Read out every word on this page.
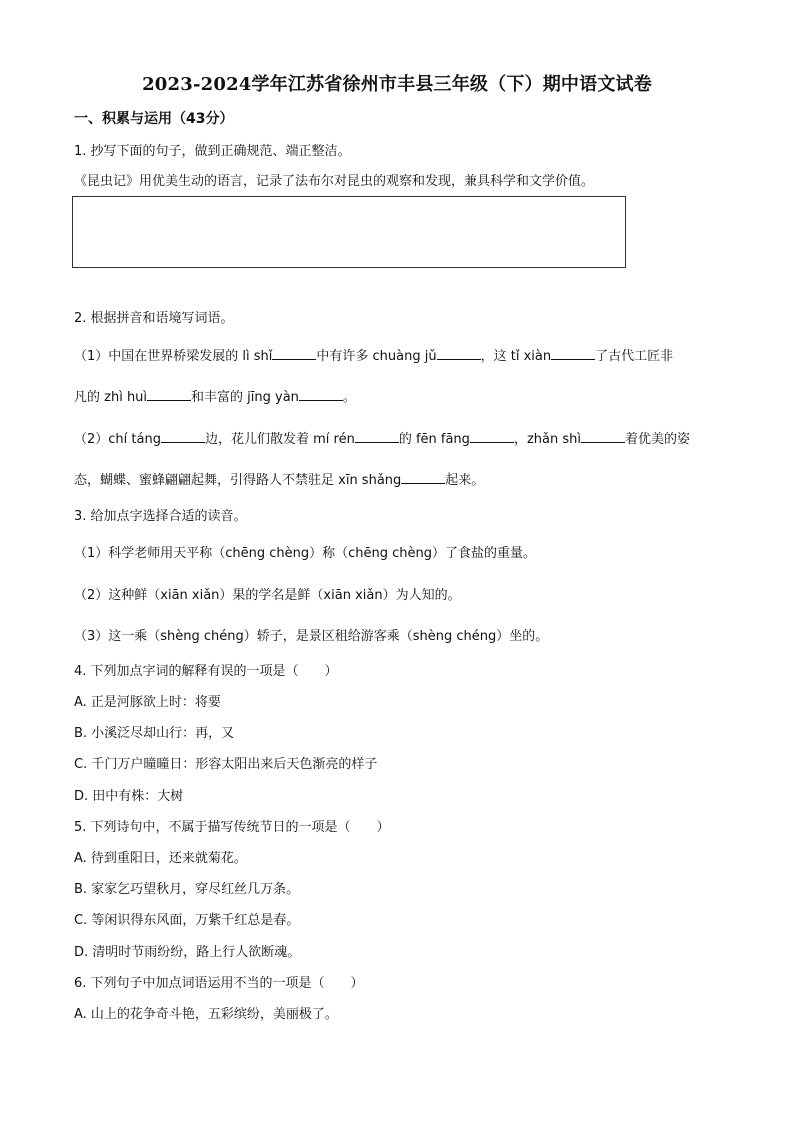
2023-2024学年江苏省徐州市丰县三年级（下）期中语文试卷
一、积累与运用（43分）
1. 抄写下面的句子，做到正确规范、端正整洁。
《昆虫记》用优美生动的语言，记录了法布尔对昆虫的观察和发现，兼具科学和文学价值。
2. 根据拼音和语境写词语。
（1）中国在世界桥梁发展的 lì shǐ	中有许多 chuàng jǔ	，这 tǐ xiàn	了古代工匠非
凡的 zhì huì	和丰富的 jīng yàn	。
（2）chí táng	边，花儿们散发着 mí rén	的 fēn fāng	，zhǎn shì	着优美的姿
态，蝴蝶、蜜蜂翩翩起舞，引得路人不禁驻足 xīn shǎng	起来。
3. 给加点字选择合适的读音。
（1）科学老师用天平称（chēng chèng）称（chēng chèng）了食盐的重量。
（2）这种鲜（xiān xiǎn）果的学名是鲜（xiān xiǎn）为人知的。
（3）这一乘（shèng chéng）轿子，是景区租给游客乘（shèng chéng）坐的。
4. 下列加点字词的解释有误的一项是（　　）
A. 正是河豚欲上时：将要
B. 小溪泛尽却山行：再，又
C. 千门万户曈曈日：形容太阳出来后天色渐亮的样子
D. 田中有株：大树
5. 下列诗句中，不属于描写传统节日的一项是（　　）
A. 待到重阳日，还来就菊花。
B. 家家乞巧望秋月，穿尽红丝几万条。
C. 等闲识得东风面，万紫千红总是春。
D. 清明时节雨纷纷，路上行人欲断魂。
6. 下列句子中加点词语运用不当的一项是（　　）
A. 山上的花争奇斗艳，五彩缤纷，美丽极了。
